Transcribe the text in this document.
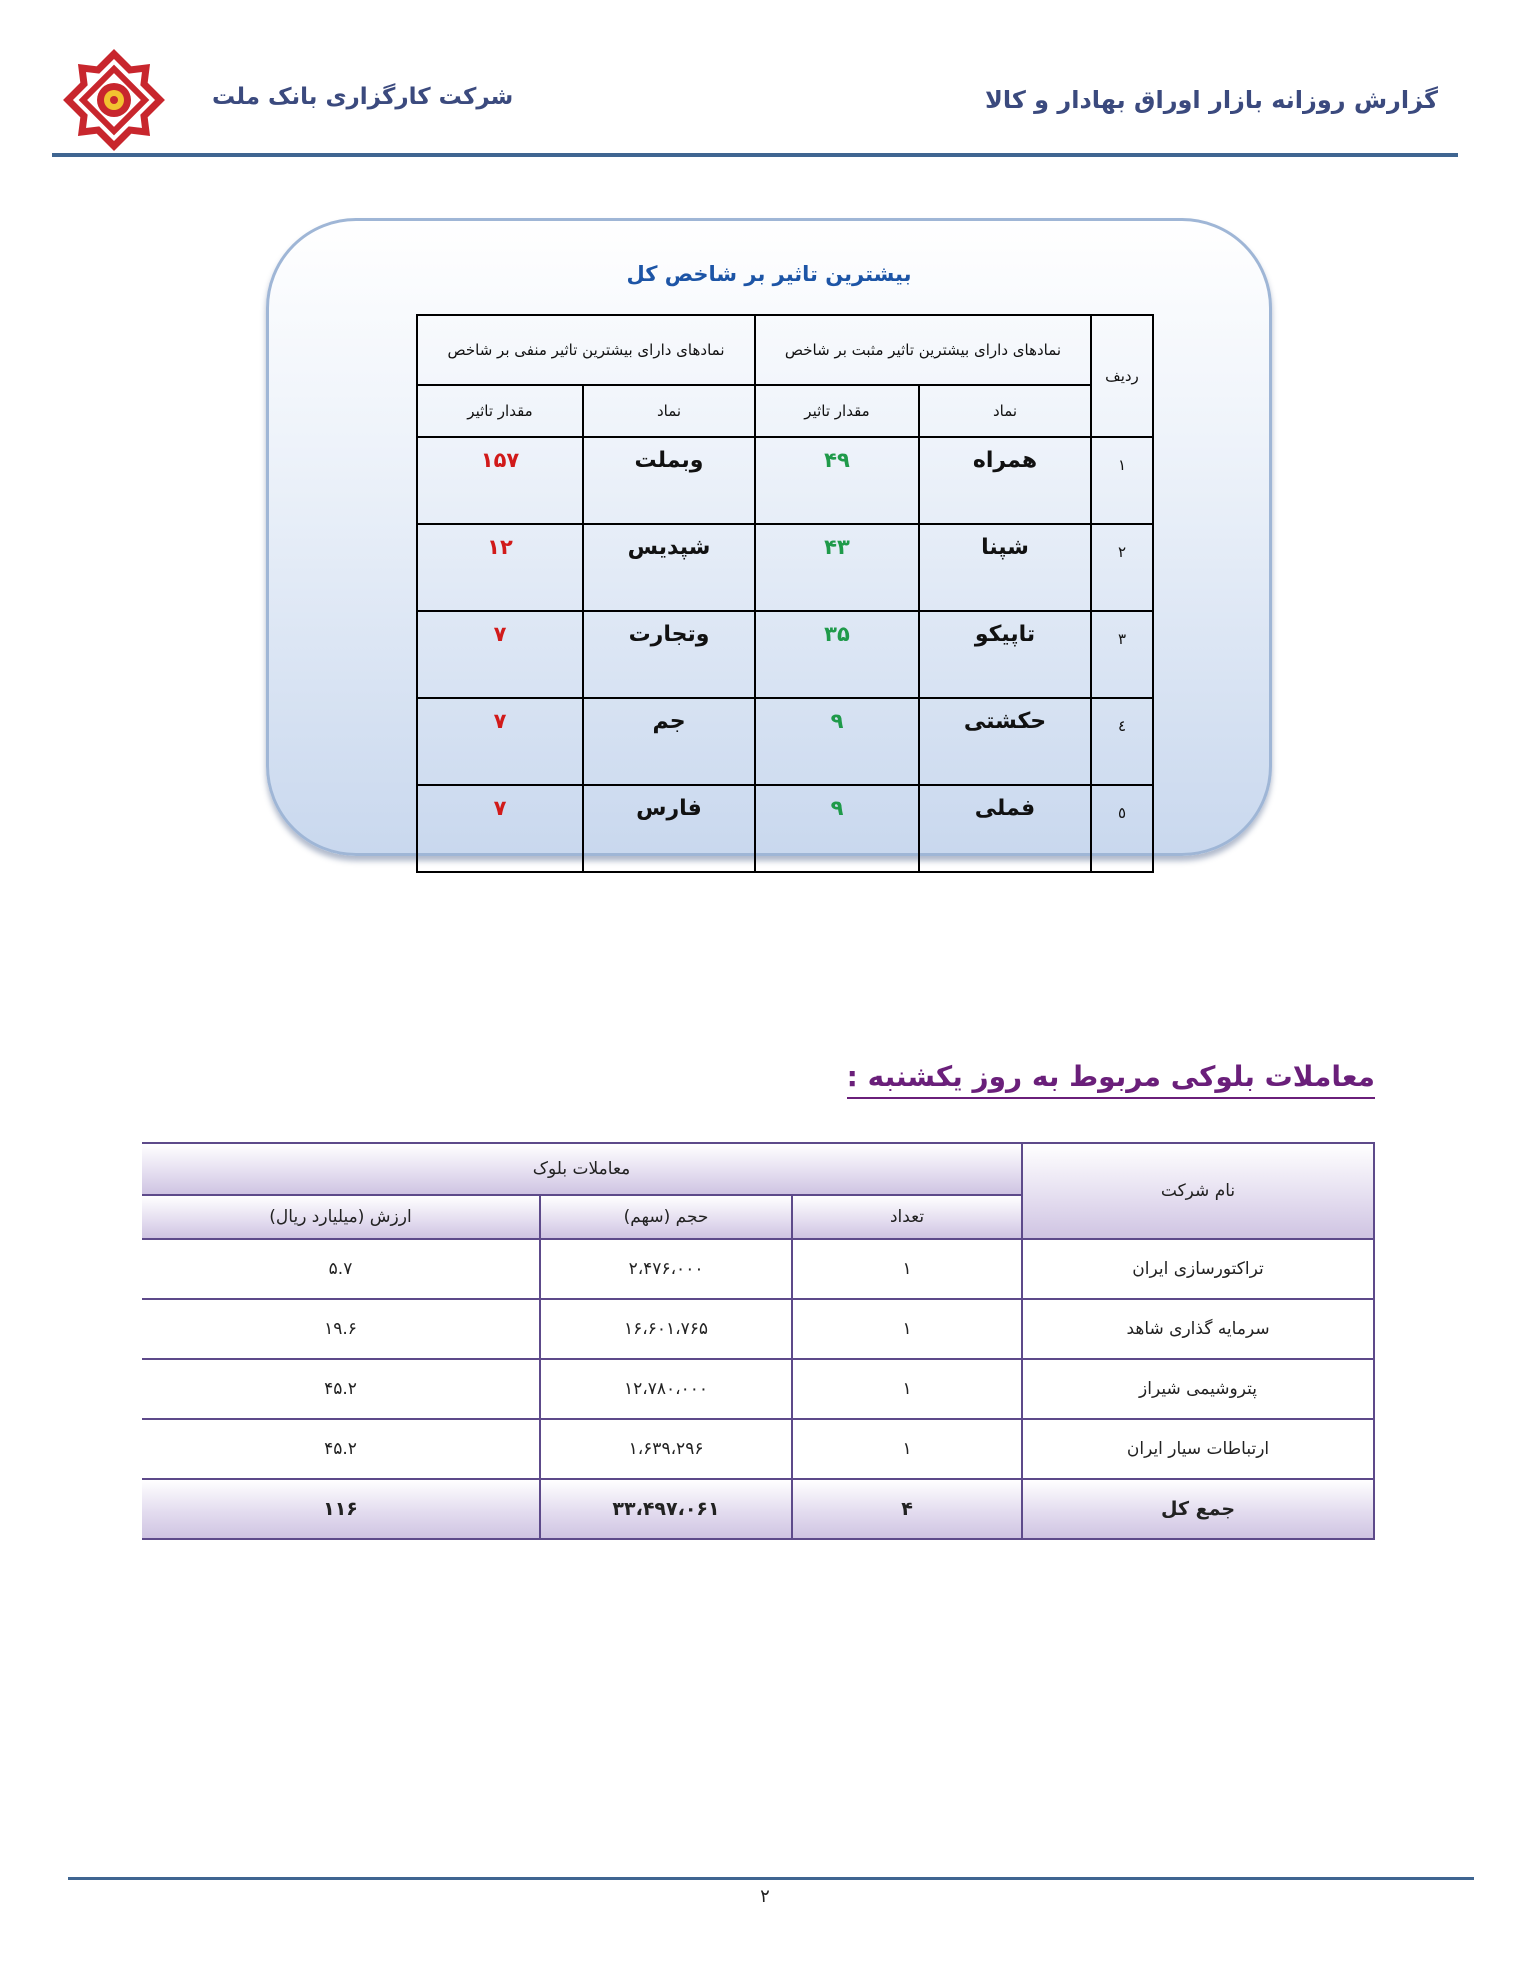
شرکت کارگزاری بانک ملت	گزارش روزانه بازار اوراق بهادار و کالا
بیشترین تاثیر بر شاخص کل
ردیف	نمادهای دارای بیشترین تاثیر مثبت بر شاخص		نمادهای دارای بیشترین تاثیر منفی بر شاخص	
	نماد	مقدار تاثیر	نماد	مقدار تاثیر
۱	همراه	۴۹	وبملت	۱۵۷
۲	شپنا	۴۳	شپدیس	۱۲
۳	تاپیکو	۳۵	وتجارت	۷
٤	حکشتی	۹	جم	۷
٥	فملی	۹	فارس	۷
معاملات بلوکی مربوط به روز یکشنبه :
نام شرکت	معاملات بلوک		
	تعداد	حجم (سهم)	ارزش (میلیارد ریال)
تراکتورسازی ایران	۱	۲،۴۷۶،۰۰۰	۵.۷
سرمایه گذاری شاهد	۱	۱۶،۶۰۱،۷۶۵	۱۹.۶
پتروشیمی شیراز	۱	۱۲،۷۸۰،۰۰۰	۴۵.۲
ارتباطات سیار ایران	۱	۱،۶۳۹،۲۹۶	۴۵.۲
جمع کل	۴	۳۳،۴۹۷،۰۶۱	۱۱۶
۲
